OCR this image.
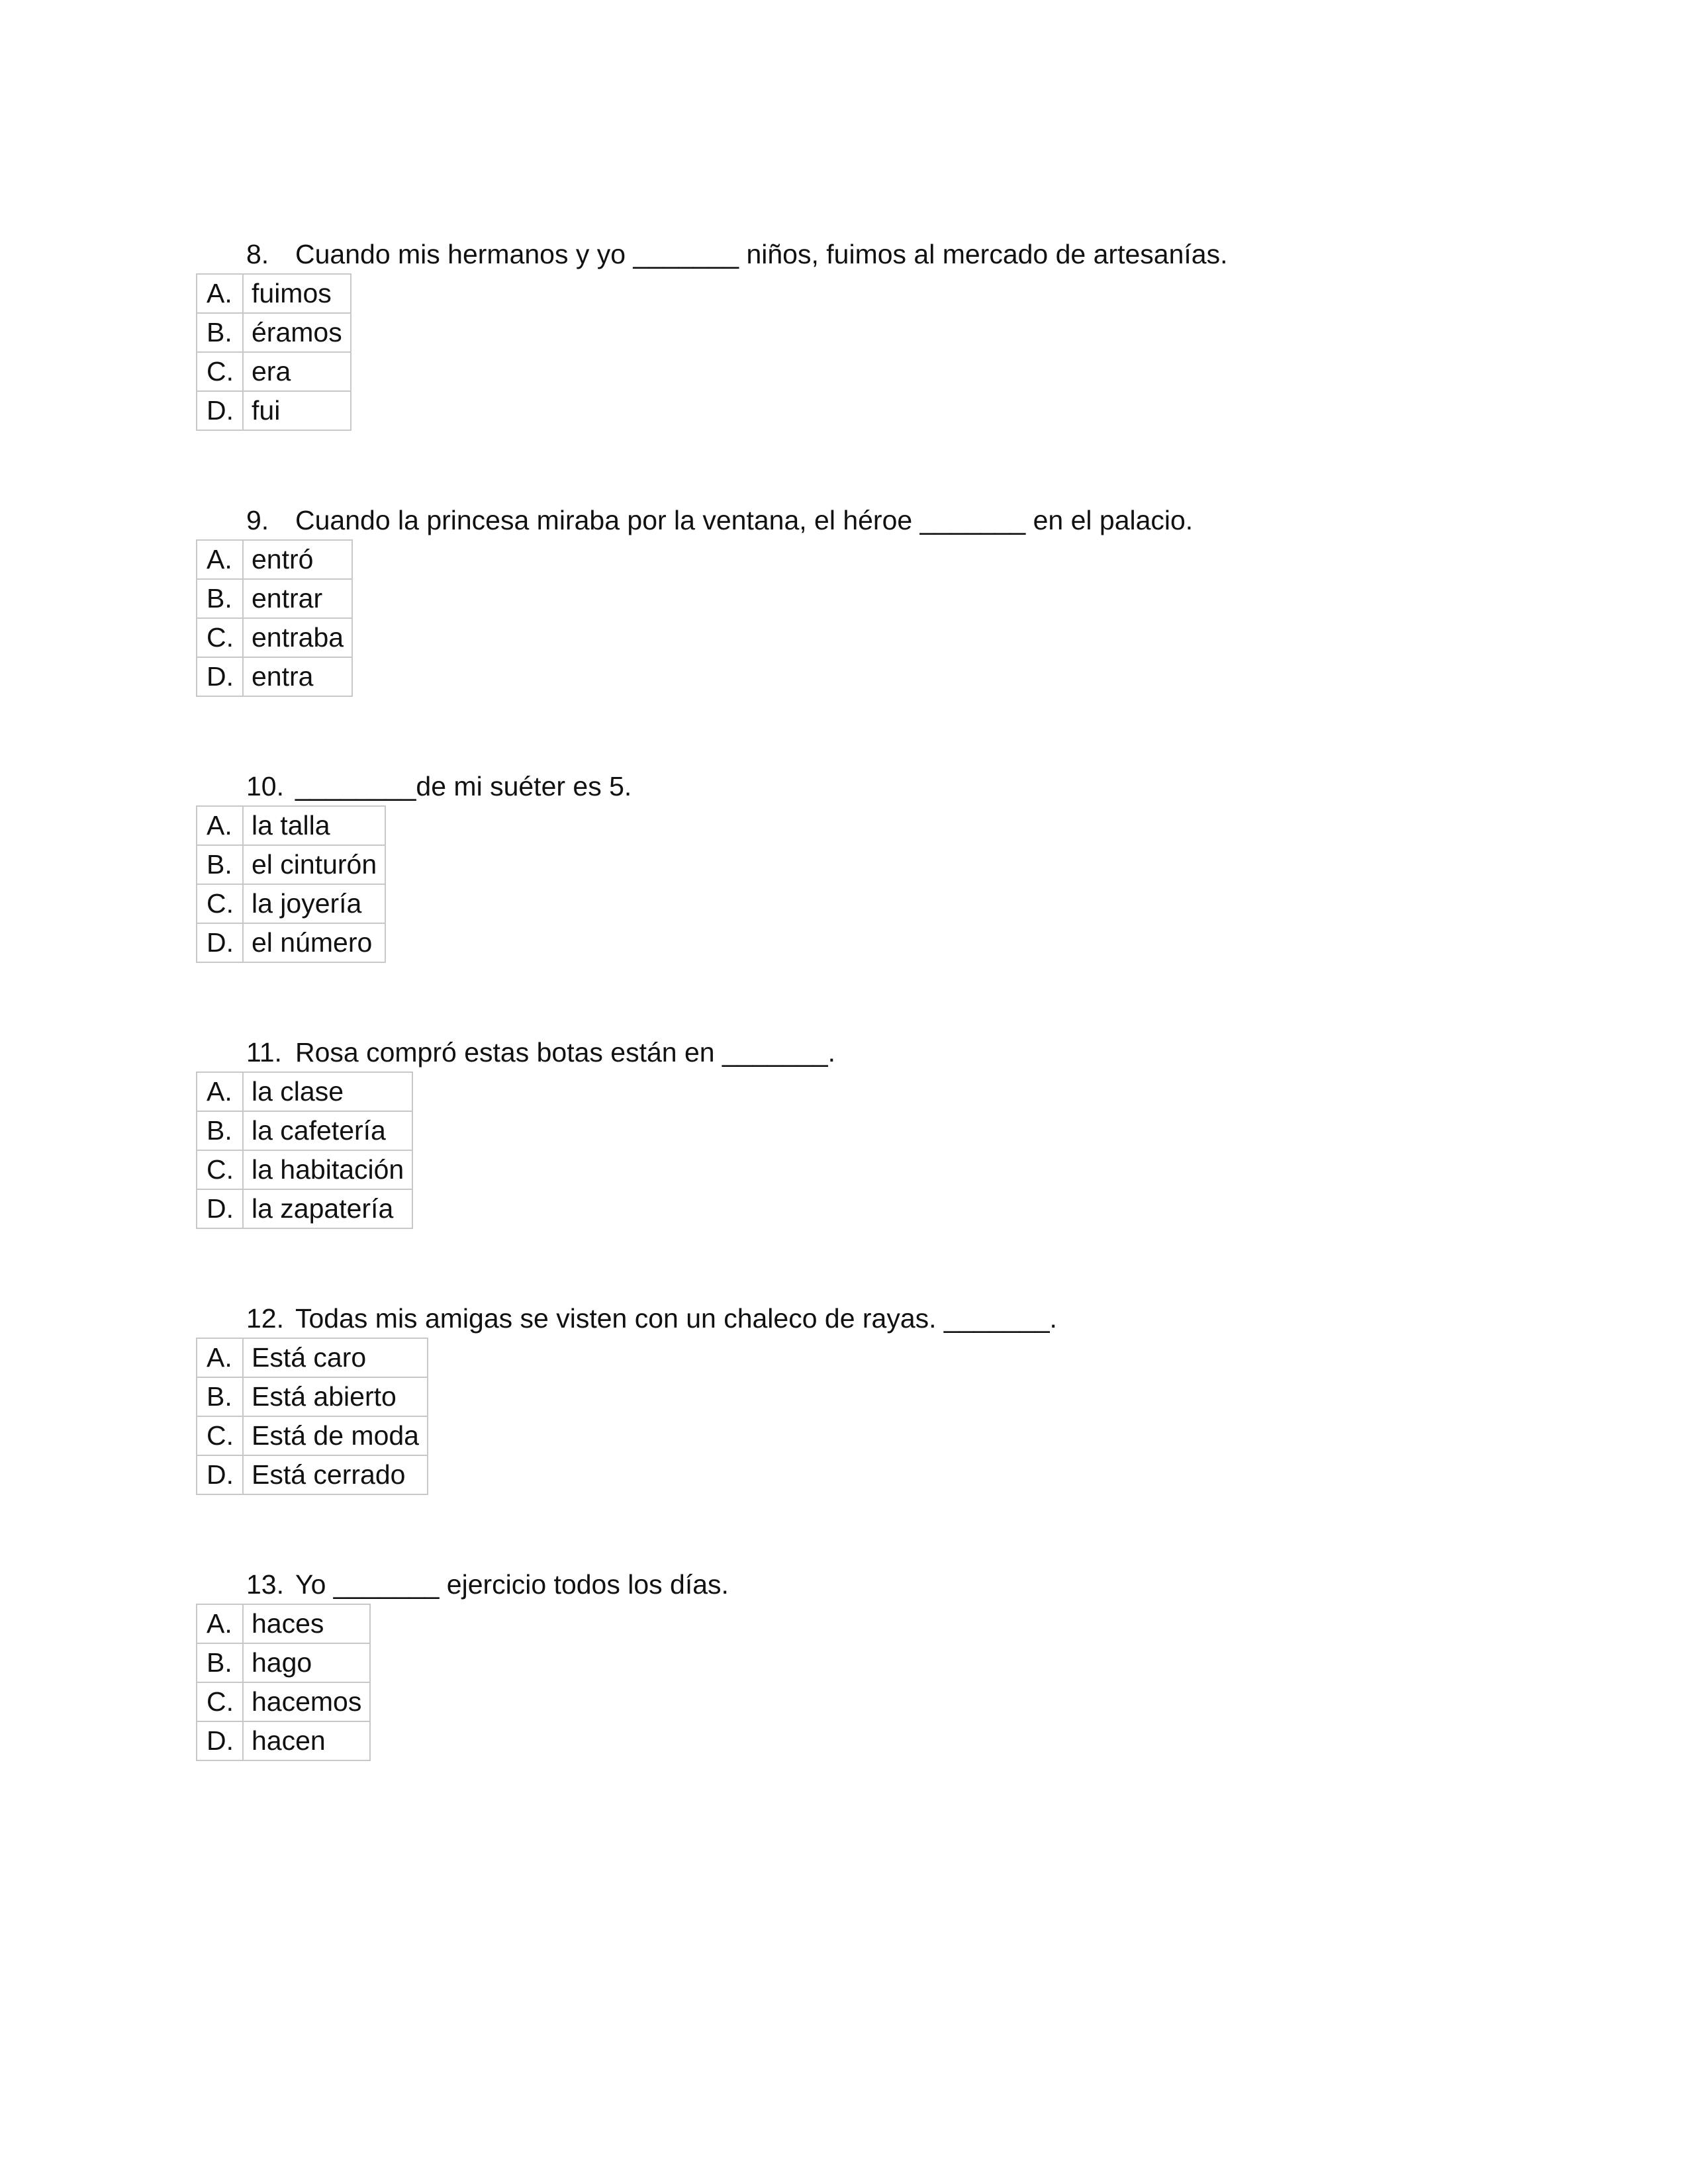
8. Cuando mis hermanos y yo _______ niños, fuimos al mercado de artesanías.
A.	fuimos
B.	éramos
C.	era
D.	fui
9. Cuando la princesa miraba por la ventana, el héroe _______ en el palacio.
A.	entró
B.	entrar
C.	entraba
D.	entra
10. ________de mi suéter es 5.
A.	la talla
B.	el cinturón
C.	la joyería
D.	el número
11. Rosa compró estas botas están en _______.
A.	la clase
B.	la cafetería
C.	la habitación
D.	la zapatería
12. Todas mis amigas se visten con un chaleco de rayas. _______.
A.	Está caro
B.	Está abierto
C.	Está de moda
D.	Está cerrado
13. Yo _______ ejercicio todos los días.
A.	haces
B.	hago
C.	hacemos
D.	hacen
